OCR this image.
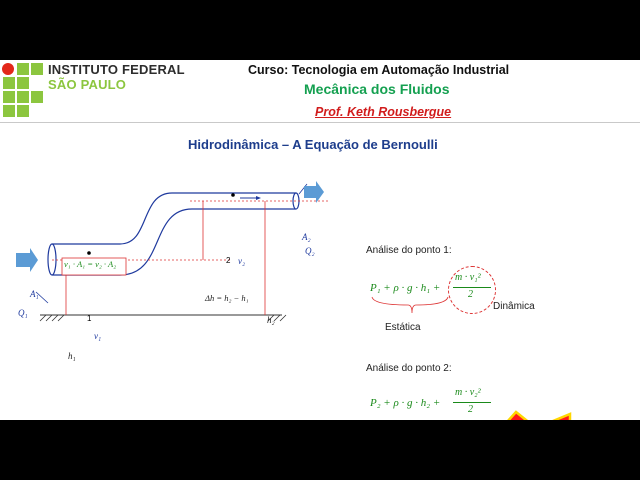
INSTITUTO FEDERAL
SÃO PAULO
Curso: Tecnologia em Automação Industrial
Mecânica dos Fluidos
Prof. Keth Rousbergue
Hidrodinâmica – A Equação de Bernoulli
v₁ · A₁ = v₂ · A₂
A₁
A₂
Q₁
Q₂
1
2
v₁
v₂
h₁
h₂
Δh = h₂ − h₁
Análise do ponto 1:
P₁ + ρ · g · h₁ +
m · v₁²
2
Estática
Dinâmica
Análise do ponto 2:
P₂ + ρ · g · h₂ +
m · v₂²
2
